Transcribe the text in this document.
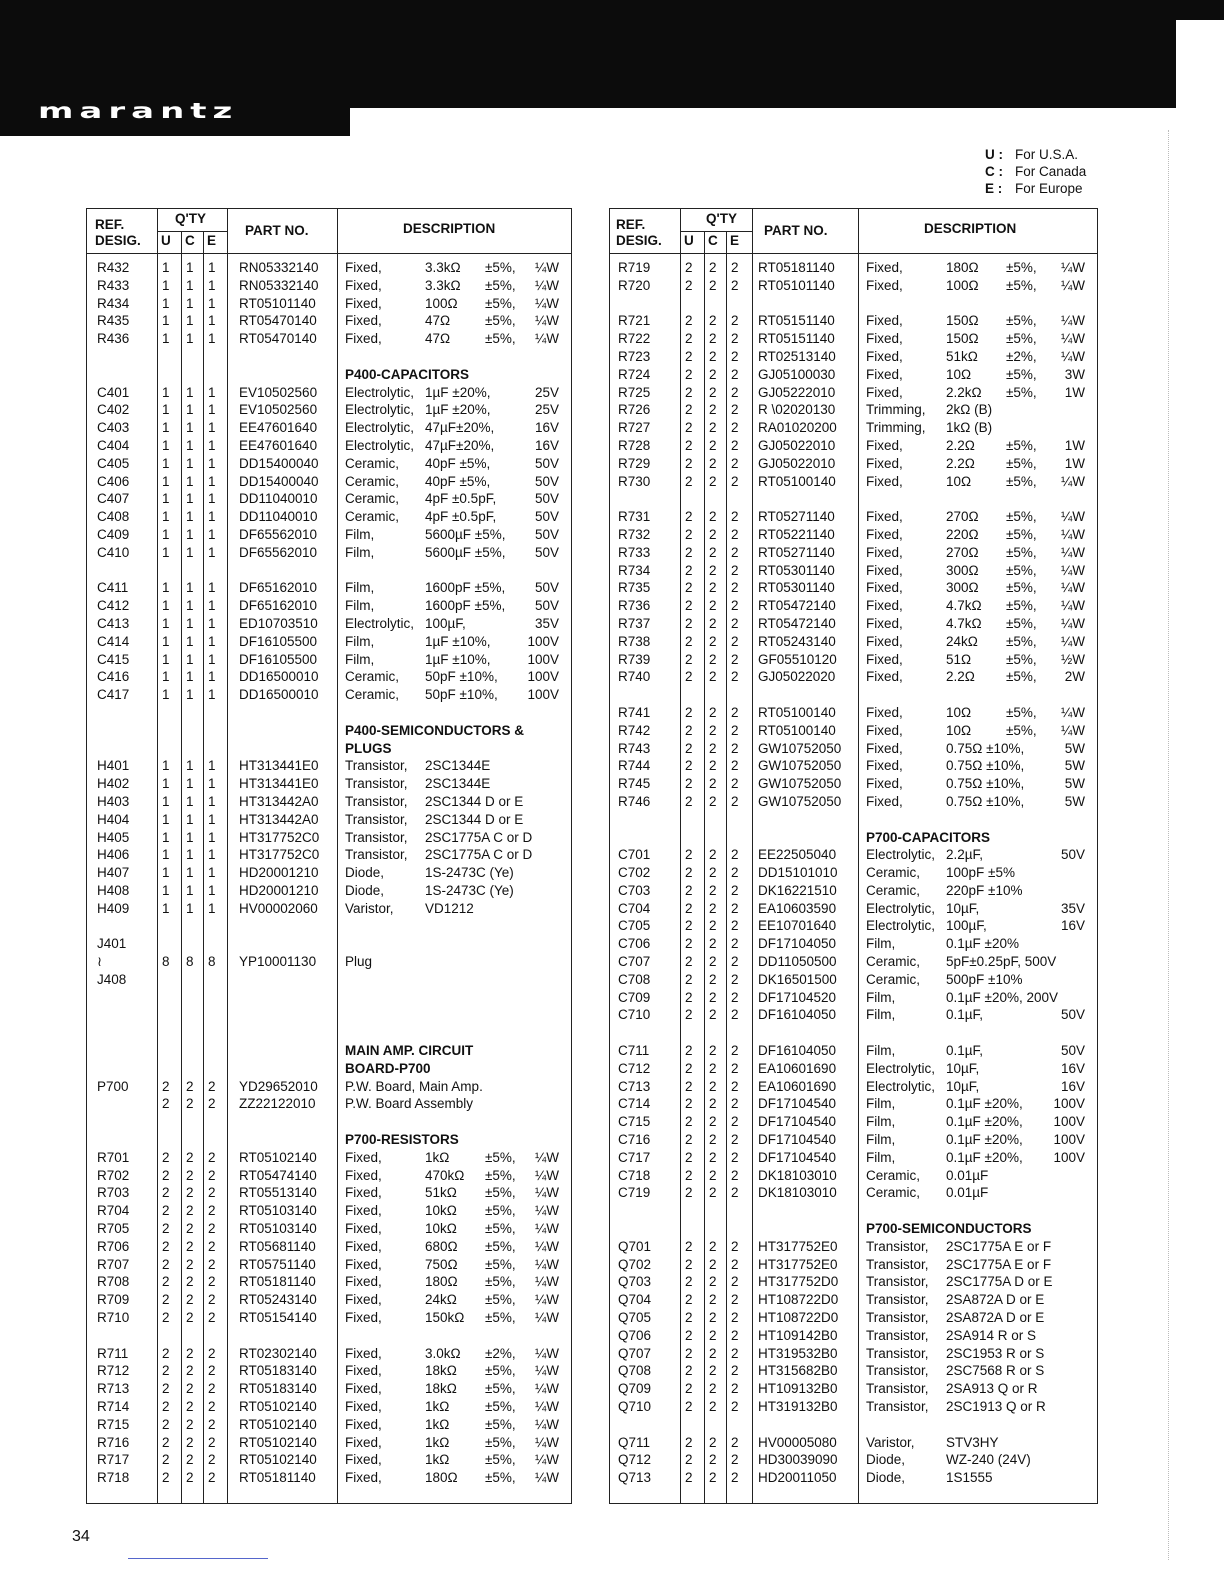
marantz
U : For U.S.A.
C : For Canada
E : For Europe
REF.
DESIG.
Q'TY
U C E
PART NO.	DESCRIPTION
R432 1 1 1 RN05332140 Fixed,	3.3kΩ ±5%, ¼W
R433 1 1 1 RN05332140 Fixed,	3.3kΩ ±5%, ¼W
R434 1 1 1 RT05101140 Fixed,	100Ω ±5%, ¼W
R435 1 1 1 RT05470140 Fixed,	47Ω	±5%, ¼W
R436 1 1 1 RT05470140 Fixed,	47Ω	±5%, ¼W
P400-CAPACITORS
C401 1 1 1 EV10502560 Electrolytic, 1µF ±20%,	25V
C402 1 1 1 EV10502560 Electrolytic, 1µF ±20%,	25V
C403 1 1 1 EE47601640 Electrolytic, 47µF±20%,	16V
C404 1 1 1 EE47601640 Electrolytic, 47µF±20%,	16V
C405 1 1 1 DD15400040 Ceramic, 40pF ±5%,	50V
C406 1 1 1 DD15400040 Ceramic, 40pF ±5%,	50V
C407 1 1 1 DD11040010 Ceramic, 4pF ±0.5pF,	50V
C408 1 1 1 DD11040010 Ceramic, 4pF ±0.5pF,	50V
C409 1 1 1 DF65562010 Film,	5600µF ±5%, 50V
C410 1 1 1 DF65562010 Film,	5600µF ±5%, 50V
C411 1 1 1 DF65162010 Film,	1600pF ±5%, 50V
C412 1 1 1 DF65162010 Film,	1600pF ±5%, 50V
C413 1 1 1 ED10703510 Electrolytic, 100µF,	35V
C414 1 1 1 DF16105500 Film,	1µF ±10%,	100V
C415 1 1 1 DF16105500 Film,	1µF ±10%,	100V
C416 1 1 1 DD16500010 Ceramic, 50pF ±10%, 100V
C417 1 1 1 DD16500010 Ceramic, 50pF ±10%, 100V
P400-SEMICONDUCTORS &
PLUGS
H401 1 1 1 HT313441E0 Transistor, 2SC1344E
H402 1 1 1 HT313441E0 Transistor, 2SC1344E
H403 1 1 1 HT313442A0 Transistor, 2SC1344 D or E
H404 1 1 1 HT313442A0 Transistor, 2SC1344 D or E
H405 1 1 1 HT317752C0 Transistor, 2SC1775A C or D
H406 1 1 1 HT317752C0 Transistor, 2SC1775A C or D
H407 1 1 1 HD20001210 Diode,	1S-2473C (Ye)
H408 1 1 1 HD20001210 Diode,	1S-2473C (Ye)
H409 1 1 1 HV00002060 Varistor, VD1212
J401
≀	8 8 8 YP10001130 Plug
J408
MAIN AMP. CIRCUIT
BOARD-P700
P700 2 2 2 YD29652010 P.W. Board, Main Amp.
2 2 2 ZZ22122010 P.W. Board Assembly
P700-RESISTORS
R701 2 2 2 RT05102140 Fixed,	1kΩ	±5%, ¼W
R702 2 2 2 RT05474140 Fixed,	470kΩ ±5%, ¼W
R703 2 2 2 RT05513140 Fixed,	51kΩ ±5%, ¼W
R704 2 2 2 RT05103140 Fixed,	10kΩ ±5%, ¼W
R705 2 2 2 RT05103140 Fixed,	10kΩ ±5%, ¼W
R706 2 2 2 RT05681140 Fixed,	680Ω ±5%, ¼W
R707 2 2 2 RT05751140 Fixed,	750Ω ±5%, ¼W
R708 2 2 2 RT05181140 Fixed,	180Ω ±5%, ¼W
R709 2 2 2 RT05243140 Fixed,	24kΩ ±5%, ¼W
R710 2 2 2 RT05154140 Fixed,	150kΩ ±5%, ¼W
R711 2 2 2 RT02302140 Fixed,	3.0kΩ ±2%, ¼W
R712 2 2 2 RT05183140 Fixed,	18kΩ ±5%, ¼W
R713 2 2 2 RT05183140 Fixed,	18kΩ ±5%, ¼W
R714 2 2 2 RT05102140 Fixed,	1kΩ	±5%, ¼W
R715 2 2 2 RT05102140 Fixed,	1kΩ	±5%, ¼W
R716 2 2 2 RT05102140 Fixed,	1kΩ	±5%, ¼W
R717 2 2 2 RT05102140 Fixed,	1kΩ	±5%, ¼W
R718 2 2 2 RT05181140 Fixed,	180Ω ±5%, ¼W
REF.
DESIG.
Q'TY
U C E
PART NO.	DESCRIPTION
R719	2 2 2 RT05181140 Fixed,	180Ω ±5%, ¼W
R720	2 2 2 RT05101140 Fixed,	100Ω ±5%, ¼W
R721	2 2 2 RT05151140 Fixed,	150Ω ±5%, ¼W
R722	2 2 2 RT05151140 Fixed,	150Ω ±5%, ¼W
R723	2 2 2 RT02513140 Fixed,	51kΩ ±2%, ¼W
R724	2 2 2 GJ05100030 Fixed,	10Ω	±5%, 3W
R725	2 2 2 GJ05222010 Fixed,	2.2kΩ ±5%, 1W
R726	2 2 2 R \02020130 Trimming, 2kΩ (B)
R727	2 2 2 RA01020200 Trimming, 1kΩ (B)
R728	2 2 2 GJ05022010 Fixed,	2.2Ω ±5%, 1W
R729	2 2 2 GJ05022010 Fixed,	2.2Ω ±5%, 1W
R730	2 2 2 RT05100140 Fixed,	10Ω	±5%, ¼W
R731	2 2 2 RT05271140 Fixed,	270Ω ±5%, ¼W
R732	2 2 2 RT05221140 Fixed,	220Ω ±5%, ¼W
R733	2 2 2 RT05271140 Fixed,	270Ω ±5%, ¼W
R734	2 2 2 RT05301140 Fixed,	300Ω ±5%, ¼W
R735	2 2 2 RT05301140 Fixed,	300Ω ±5%, ¼W
R736	2 2 2 RT05472140 Fixed,	4.7kΩ ±5%, ¼W
R737	2 2 2 RT05472140 Fixed,	4.7kΩ ±5%, ¼W
R738	2 2 2 RT05243140 Fixed,	24kΩ ±5%, ¼W
R739	2 2 2 GF05510120 Fixed,	51Ω	±5%, ½W
R740	2 2 2 GJ05022020 Fixed,	2.2Ω ±5%, 2W
R741	2 2 2 RT05100140 Fixed,	10Ω	±5%, ¼W
R742	2 2 2 RT05100140 Fixed,	10Ω	±5%, ¼W
R743	2 2 2 GW10752050 Fixed,	0.75Ω ±10%,	5W
R744	2 2 2 GW10752050 Fixed,	0.75Ω ±10%,	5W
R745	2 2 2 GW10752050 Fixed,	0.75Ω ±10%,	5W
R746	2 2 2 GW10752050 Fixed,	0.75Ω ±10%,	5W
P700-CAPACITORS
C701	2 2 2 EE22505040 Electrolytic, 2.2µF,	50V
C702	2 2 2 DD15101010 Ceramic, 100pF ±5%
C703	2 2 2 DK16221510 Ceramic, 220pF ±10%
C704	2 2 2 EA10603590 Electrolytic, 10µF,	35V
C705	2 2 2 EE10701640 Electrolytic, 100µF,	16V
C706	2 2 2 DF17104050 Film,	0.1µF ±20%
C707	2 2 2 DD11050500 Ceramic, 5pF±0.25pF, 500V
C708	2 2 2 DK16501500 Ceramic, 500pF ±10%
C709	2 2 2 DF17104520 Film,	0.1µF ±20%, 200V
C710	2 2 2 DF16104050 Film,	0.1µF,	50V
C711	2 2 2 DF16104050 Film,	0.1µF,	50V
C712	2 2 2 EA10601690 Electrolytic, 10µF,	16V
C713	2 2 2 EA10601690 Electrolytic, 10µF,	16V
C714	2 2 2 DF17104540 Film,	0.1µF ±20%, 100V
C715	2 2 2 DF17104540 Film,	0.1µF ±20%, 100V
C716	2 2 2 DF17104540 Film,	0.1µF ±20%, 100V
C717	2 2 2 DF17104540 Film,	0.1µF ±20%, 100V
C718	2 2 2 DK18103010 Ceramic, 0.01µF
C719	2 2 2 DK18103010 Ceramic, 0.01µF
P700-SEMICONDUCTORS
Q701	2 2 2 HT317752E0 Transistor, 2SC1775A E or F
Q702	2 2 2 HT317752E0 Transistor, 2SC1775A E or F
Q703	2 2 2 HT317752D0 Transistor, 2SC1775A D or E
Q704	2 2 2 HT108722D0 Transistor, 2SA872A D or E
Q705	2 2 2 HT108722D0 Transistor, 2SA872A D or E
Q706	2 2 2 HT109142B0 Transistor, 2SA914 R or S
Q707	2 2 2 HT319532B0 Transistor, 2SC1953 R or S
Q708	2 2 2 HT315682B0 Transistor, 2SC7568 R or S
Q709	2 2 2 HT109132B0 Transistor, 2SA913 Q or R
Q710	2 2 2 HT319132B0 Transistor, 2SC1913 Q or R
Q711	2 2 2 HV00005080 Varistor, STV3HY
Q712	2 2 2 HD30039090 Diode,	WZ-240 (24V)
Q713	2 2 2 HD20011050 Diode,	1S1555
34
